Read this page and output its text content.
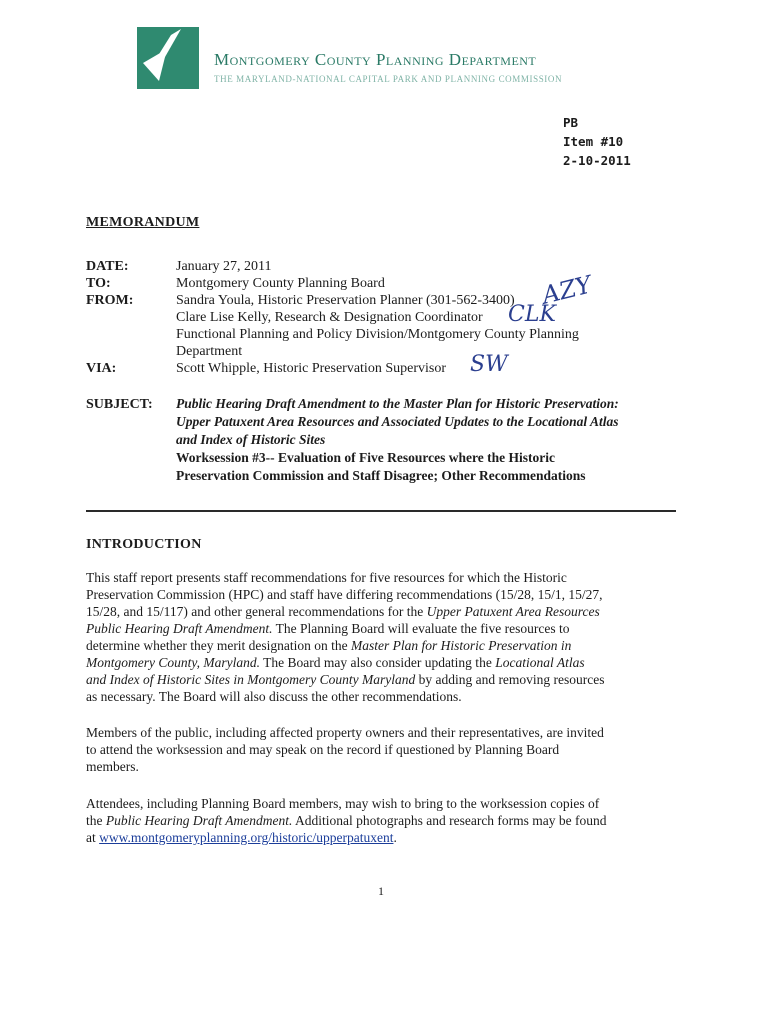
Montgomery County Planning Department
THE MARYLAND-NATIONAL CAPITAL PARK AND PLANNING COMMISSION
PB
Item #10
2-10-2011
MEMORANDUM
DATE:	January 27, 2011
TO:	Montgomery County Planning Board
FROM:	Sandra Youla, Historic Preservation Planner (301-562-3400)
Clare Lise Kelly, Research & Designation Coordinator
Functional Planning and Policy Division/Montgomery County Planning
Department
VIA:	Scott Whipple, Historic Preservation Supervisor
AZY
CLK
SW
SUBJECT: Public Hearing Draft Amendment to the Master Plan for Historic Preservation:
Upper Patuxent Area Resources and Associated Updates to the Locational Atlas
and Index of Historic Sites
Worksession #3-- Evaluation of Five Resources where the Historic
Preservation Commission and Staff Disagree; Other Recommendations
INTRODUCTION
This staff report presents staff recommendations for five resources for which the Historic
Preservation Commission (HPC) and staff have differing recommendations (15/28, 15/1, 15/27,
15/28, and 15/117) and other general recommendations for the Upper Patuxent Area Resources
Public Hearing Draft Amendment. The Planning Board will evaluate the five resources to
determine whether they merit designation on the Master Plan for Historic Preservation in
Montgomery County, Maryland. The Board may also consider updating the Locational Atlas
and Index of Historic Sites in Montgomery County Maryland by adding and removing resources
as necessary. The Board will also discuss the other recommendations.
Members of the public, including affected property owners and their representatives, are invited
to attend the worksession and may speak on the record if questioned by Planning Board
members.
Attendees, including Planning Board members, may wish to bring to the worksession copies of
the Public Hearing Draft Amendment. Additional photographs and research forms may be found
at www.montgomeryplanning.org/historic/upperpatuxent.
1
